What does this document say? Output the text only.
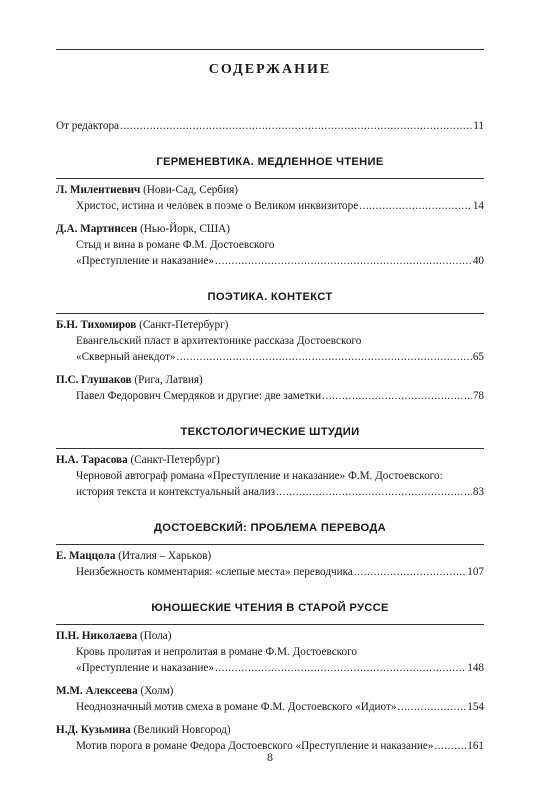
СОДЕРЖАНИЕ
От редактора .....	11
ГЕРМЕНЕВТИКА. МЕДЛЕННОЕ ЧТЕНИЕ
Л. Милентиевич (Нови-Сад, Сербия)
Христос, истина и человек в поэме о Великом инквизиторе .....	14
Д.А. Мартинсен (Нью-Йорк, США)
Стыд и вина в романе Ф.М. Достоевского
«Преступление и наказание» .....	40
ПОЭТИКА. КОНТЕКСТ
Б.Н. Тихомиров (Санкт-Петербург)
Евангельский пласт в архитектонике рассказа Достоевского
«Скверный анекдот» .....	65
П.С. Глушаков (Рига, Латвия)
Павел Федорович Смердяков и другие: две заметки .....	78
ТЕКСТОЛОГИЧЕСКИЕ ШТУДИИ
Н.А. Тарасова (Санкт-Петербург)
Черновой автограф романа «Преступление и наказание» Ф.М. Достоевского:
история текста и контекстуальный анализ .....	83
ДОСТОЕВСКИЙ: ПРОБЛЕМА ПЕРЕВОДА
Е. Маццола (Италия – Харьков)
Неизбежность комментария: «слепые места» переводчика .....	107
ЮНОШЕСКИЕ ЧТЕНИЯ В СТАРОЙ РУССЕ
П.Н. Николаева (Пола)
Кровь пролитая и непролитая в романе Ф.М. Достоевского
«Преступление и наказание» .....	148
М.М. Алексеева (Холм)
Неоднозначный мотив смеха в романе Ф.М. Достоевского «Идиот» .....	154
Н.Д. Кузьмина (Великий Новгород)
Мотив порога в романе Федора Достоевского «Преступление и наказание» .....	161
8
